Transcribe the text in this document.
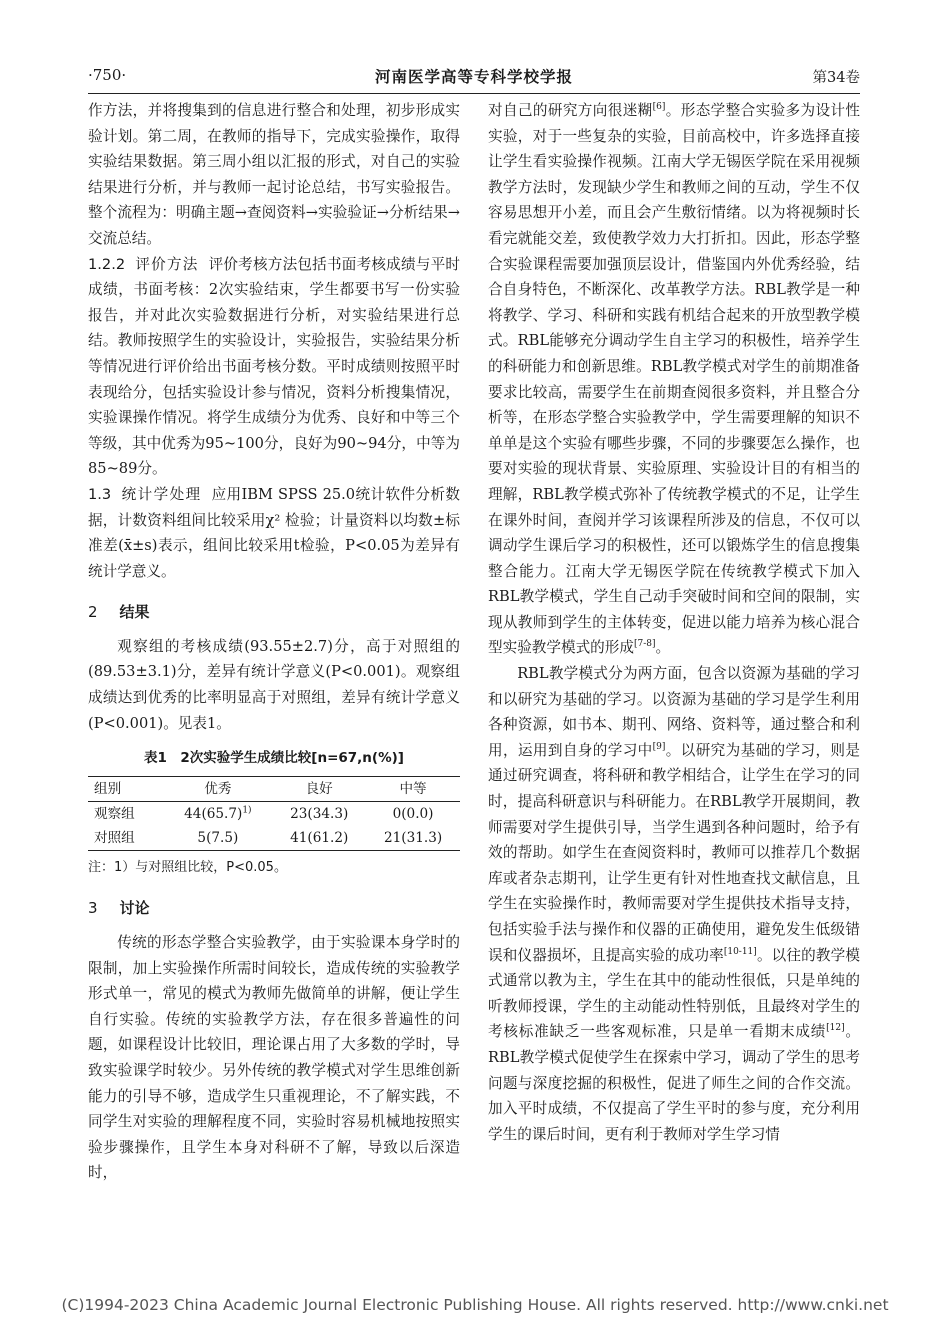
·750·	河南医学高等专科学校学报	第34卷

作方法，并将搜集到的信息进行整合和处理，初步形成实验计划。第二周，在教师的指导下，完成实验操作，取得实验结果数据。第三周小组以汇报的形式，对自己的实验结果进行分析，并与教师一起讨论总结，书写实验报告。整个流程为：明确主题→查阅资料→实验验证→分析结果→交流总结。

1.2.2 评价方法 评价考核方法包括书面考核成绩与平时成绩，书面考核：2次实验结束，学生都要书写一份实验报告，并对此次实验数据进行分析，对实验结果进行总结。教师按照学生的实验设计，实验报告，实验结果分析等情况进行评价给出书面考核分数。平时成绩则按照平时表现给分，包括实验设计参与情况，资料分析搜集情况，实验课操作情况。将学生成绩分为优秀、良好和中等三个等级，其中优秀为95~100分，良好为90~94分，中等为85~89分。

1.3 统计学处理 应用IBM SPSS 25.0统计软件分析数据，计数资料组间比较采用χ² 检验；计量资料以均数±标准差(x̄±s)表示，组间比较采用t检验，P<0.05为差异有统计学意义。

2 结果

观察组的考核成绩(93.55±2.7)分，高于对照组的(89.53±3.1)分，差异有统计学意义(P<0.001)。观察组成绩达到优秀的比率明显高于对照组，差异有统计学意义(P<0.001)。见表1。

表1　2次实验学生成绩比较[n=67,n(%)]

组别	优秀	良好	中等
观察组	$44(65.7)^{1)}$	23(34.3)	0(0.0)
对照组	5(7.5)	41(61.2)	21(31.3)

注：1）与对照组比较，P<0.05。

3 讨论

传统的形态学整合实验教学，由于实验课本身学时的限制，加上实验操作所需时间较长，造成传统的实验教学形式单一，常见的模式为教师先做简单的讲解，便让学生自行实验。传统的实验教学方法，存在很多普遍性的问题，如课程设计比较旧，理论课占用了大多数的学时，导致实验课学时较少。另外传统的教学模式对学生思维创新能力的引导不够，造成学生只重视理论，不了解实践，不同学生对实验的理解程度不同，实验时容易机械地按照实验步骤操作，且学生本身对科研不了解，导致以后深造时，

对自己的研究方向很迷糊[6]。形态学整合实验多为设计性实验，对于一些复杂的实验，目前高校中，许多选择直接让学生看实验操作视频。江南大学无锡医学院在采用视频教学方法时，发现缺少学生和教师之间的互动，学生不仅容易思想开小差，而且会产生敷衍情绪。以为将视频时长看完就能交差，致使教学效力大打折扣。因此，形态学整合实验课程需要加强顶层设计，借鉴国内外优秀经验，结合自身特色，不断深化、改革教学方法。RBL教学是一种将教学、学习、科研和实践有机结合起来的开放型教学模式。RBL能够充分调动学生自主学习的积极性，培养学生的科研能力和创新思维。RBL教学模式对学生的前期准备要求比较高，需要学生在前期查阅很多资料，并且整合分析等，在形态学整合实验教学中，学生需要理解的知识不单单是这个实验有哪些步骤，不同的步骤要怎么操作，也要对实验的现状背景、实验原理、实验设计目的有相当的理解，RBL教学模式弥补了传统教学模式的不足，让学生在课外时间，查阅并学习该课程所涉及的信息，不仅可以调动学生课后学习的积极性，还可以锻炼学生的信息搜集整合能力。江南大学无锡医学院在传统教学模式下加入RBL教学模式，学生自己动手突破时间和空间的限制，实现从教师到学生的主体转变，促进以能力培养为核心混合型实验教学模式的形成[7-8]。

RBL教学模式分为两方面，包含以资源为基础的学习和以研究为基础的学习。以资源为基础的学习是学生利用各种资源，如书本、期刊、网络、资料等，通过整合和利用，运用到自身的学习中[9]。以研究为基础的学习，则是通过研究调查，将科研和教学相结合，让学生在学习的同时，提高科研意识与科研能力。在RBL教学开展期间，教师需要对学生提供引导，当学生遇到各种问题时，给予有效的帮助。如学生在查阅资料时，教师可以推荐几个数据库或者杂志期刊，让学生更有针对性地查找文献信息，且学生在实验操作时，教师需要对学生提供技术指导支持，包括实验手法与操作和仪器的正确使用，避免发生低级错误和仪器损坏，且提高实验的成功率[10-11]。以往的教学模式通常以教为主，学生在其中的能动性很低，只是单纯的听教师授课，学生的主动能动性特别低，且最终对学生的考核标准缺乏一些客观标准，只是单一看期末成绩[12]。RBL教学模式促使学生在探索中学习，调动了学生的思考问题与深度挖掘的积极性，促进了师生之间的合作交流。加入平时成绩，不仅提高了学生平时的参与度，充分利用学生的课后时间，更有利于教师对学生学习情

(C)1994-2023 China Academic Journal Electronic Publishing House. All rights reserved. http://www.cnki.net
